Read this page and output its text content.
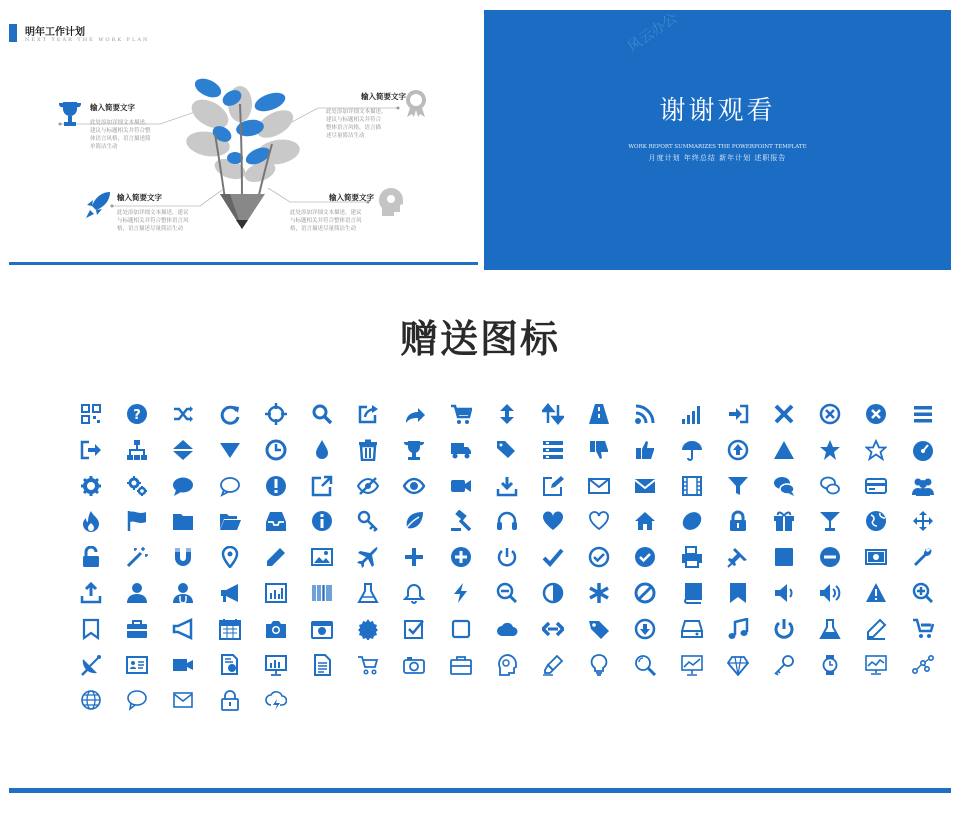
明年工作计划
NEXT YEAR THE WORK PLAN
输入简要文字
此处添加详细文本描述，
建议与标题相关并符合整
体语言风格，语言描述简
单简洁生动
输入简要文字
此处添加详细文本描述，
建议与标题相关并符合
整体语言风格，语言描
述尽量简洁生动
输入简要文字
此处添加详细文本描述，建议
与标题相关并符合整体语言风
格，语言描述尽量简洁生动
输入简要文字
此处添加详细文本描述，建议
与标题相关并符合整体语言风
格，语言描述尽量简洁生动
风云办公
谢谢观看
WORK REPORT SUMMARIZES THE POWERPOINT TEMPLATE
月度计划 年终总结 新年计划 述职报告
赠送图标
?
